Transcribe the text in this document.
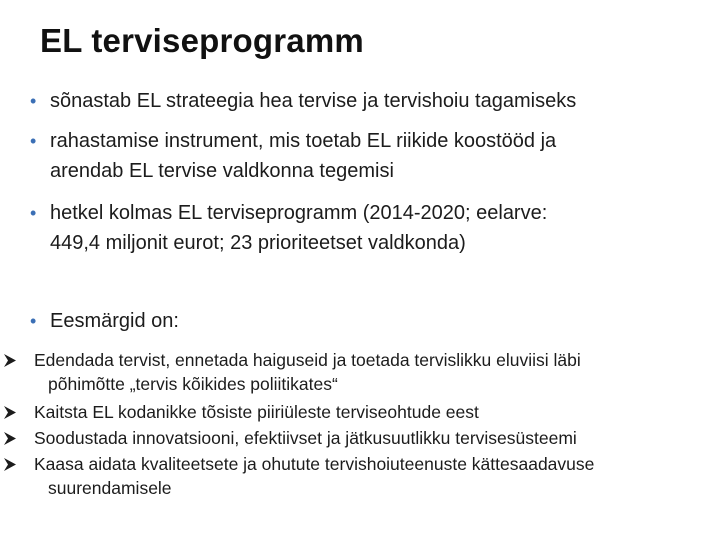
EL terviseprogramm
• sõnastab EL strateegia hea tervise ja tervishoiu tagamiseks
• rahastamise instrument, mis toetab EL riikide koostööd ja
arendab EL tervise valdkonna tegemisi
• hetkel kolmas EL terviseprogramm (2014-2020; eelarve:
449,4 miljonit eurot; 23 prioriteetset valdkonda)
• Eesmärgid on:
Edendada tervist, ennetada haiguseid ja toetada tervislikku eluviisi läbi
põhimõtte „tervis kõikides poliitikates“
Kaitsta EL kodanikke tõsiste piiriüleste terviseohtude eest
Soodustada innovatsiooni, efektiivset ja jätkusuutlikku tervisesüsteemi
Kaasa aidata kvaliteetsete ja ohutute tervishoiuteenuste kättesaadavuse
suurendamisele
